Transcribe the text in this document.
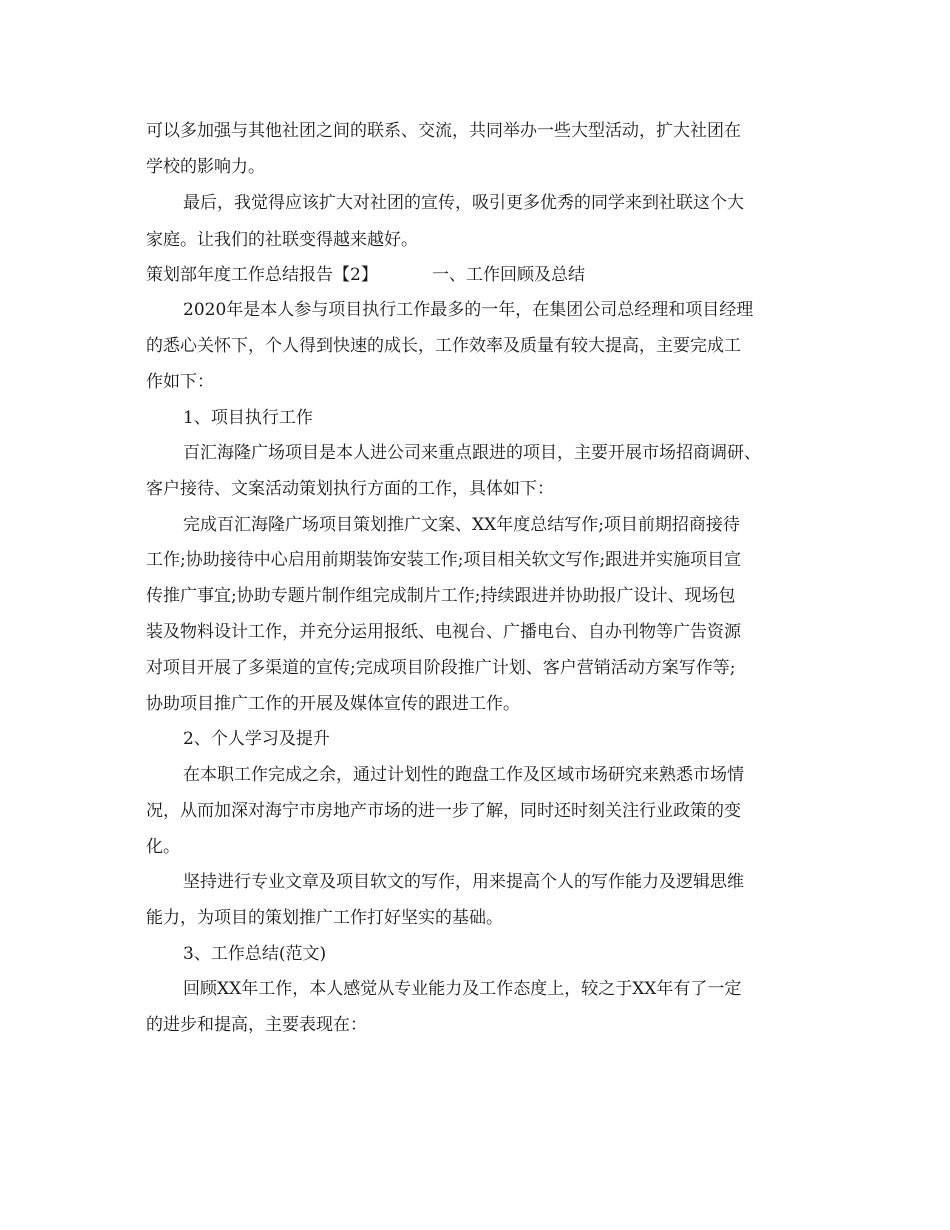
可以多加强与其他社团之间的联系、交流，共同举办一些大型活动，扩大社团在
学校的影响力。
最后，我觉得应该扩大对社团的宣传，吸引更多优秀的同学来到社联这个大
家庭。让我们的社联变得越来越好。
策划部年度工作总结报告【2】	一、工作回顾及总结
2020年是本人参与项目执行工作最多的一年，在集团公司总经理和项目经理
的悉心关怀下，个人得到快速的成长，工作效率及质量有较大提高，主要完成工
作如下：
1、项目执行工作
百汇海隆广场项目是本人进公司来重点跟进的项目，主要开展市场招商调研、
客户接待、文案活动策划执行方面的工作，具体如下：
完成百汇海隆广场项目策划推广文案、XX年度总结写作;项目前期招商接待
工作;协助接待中心启用前期装饰安装工作;项目相关软文写作;跟进并实施项目宣
传推广事宜;协助专题片制作组完成制片工作;持续跟进并协助报广设计、现场包
装及物料设计工作，并充分运用报纸、电视台、广播电台、自办刊物等广告资源
对项目开展了多渠道的宣传;完成项目阶段推广计划、客户营销活动方案写作等;
协助项目推广工作的开展及媒体宣传的跟进工作。
2、个人学习及提升
在本职工作完成之余，通过计划性的跑盘工作及区域市场研究来熟悉市场情
况，从而加深对海宁市房地产市场的进一步了解，同时还时刻关注行业政策的变
化。
坚持进行专业文章及项目软文的写作，用来提高个人的写作能力及逻辑思维
能力，为项目的策划推广工作打好坚实的基础。
3、工作总结(范文)
回顾XX年工作，本人感觉从专业能力及工作态度上，较之于XX年有了一定
的进步和提高，主要表现在：
